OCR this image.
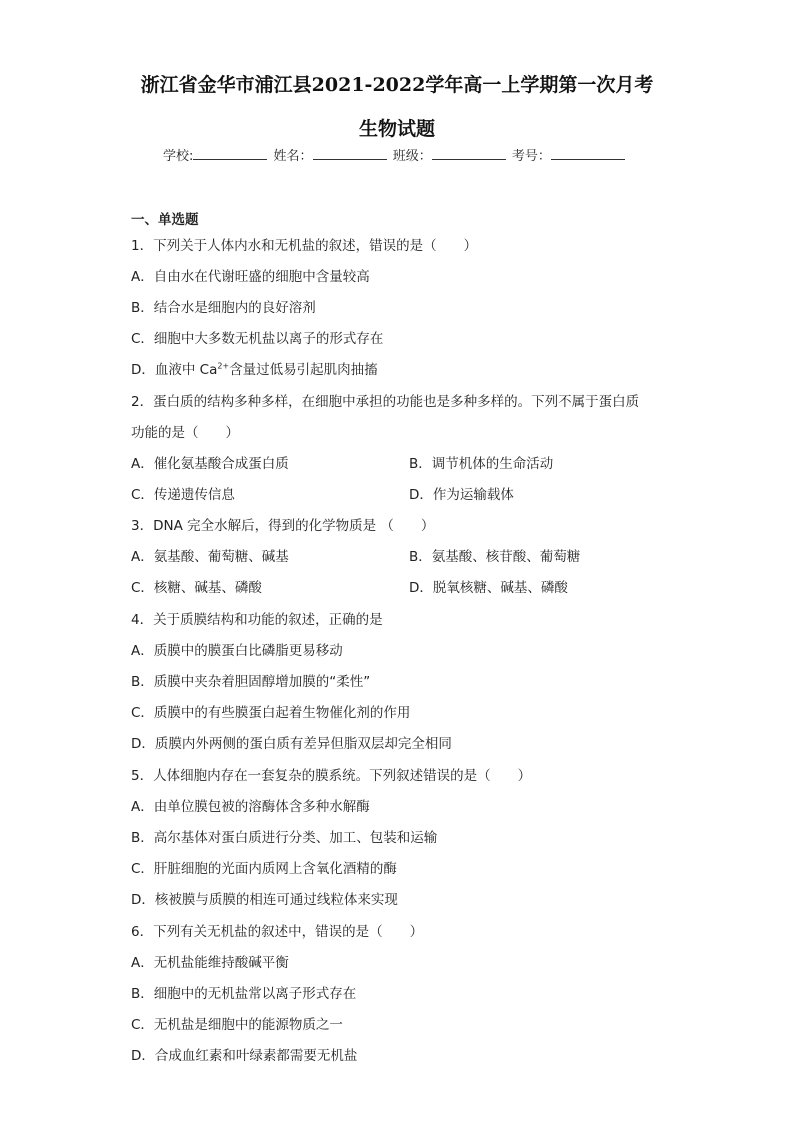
浙江省金华市浦江县2021-2022学年高一上学期第一次月考
生物试题
学校:	姓名：	班级：	考号：
一、单选题
1．下列关于人体内水和无机盐的叙述，错误的是（　　）
A．自由水在代谢旺盛的细胞中含量较高
B．结合水是细胞内的良好溶剂
C．细胞中大多数无机盐以离子的形式存在
D．血液中 $Ca^{2+}$含量过低易引起肌肉抽搐
2．蛋白质的结构多种多样，在细胞中承担的功能也是多种多样的。下列不属于蛋白质
功能的是（　　）
A．催化氨基酸合成蛋白质	B．调节机体的生命活动
C．传递遗传信息	D．作为运输载体
3．DNA 完全水解后，得到的化学物质是 （　　）
A．氨基酸、葡萄糖、碱基	B．氨基酸、核苷酸、葡萄糖
C．核糖、碱基、磷酸	D．脱氧核糖、碱基、磷酸
4．关于质膜结构和功能的叙述，正确的是
A．质膜中的膜蛋白比磷脂更易移动
B．质膜中夹杂着胆固醇增加膜的“柔性”
C．质膜中的有些膜蛋白起着生物催化剂的作用
D．质膜内外两侧的蛋白质有差异但脂双层却完全相同
5．人体细胞内存在一套复杂的膜系统。下列叙述错误的是（　　）
A．由单位膜包被的溶酶体含多种水解酶
B．高尔基体对蛋白质进行分类、加工、包装和运输
C．肝脏细胞的光面内质网上含氧化酒精的酶
D．核被膜与质膜的相连可通过线粒体来实现
6．下列有关无机盐的叙述中，错误的是（　　）
A．无机盐能维持酸碱平衡
B．细胞中的无机盐常以离子形式存在
C．无机盐是细胞中的能源物质之一
D．合成血红素和叶绿素都需要无机盐
